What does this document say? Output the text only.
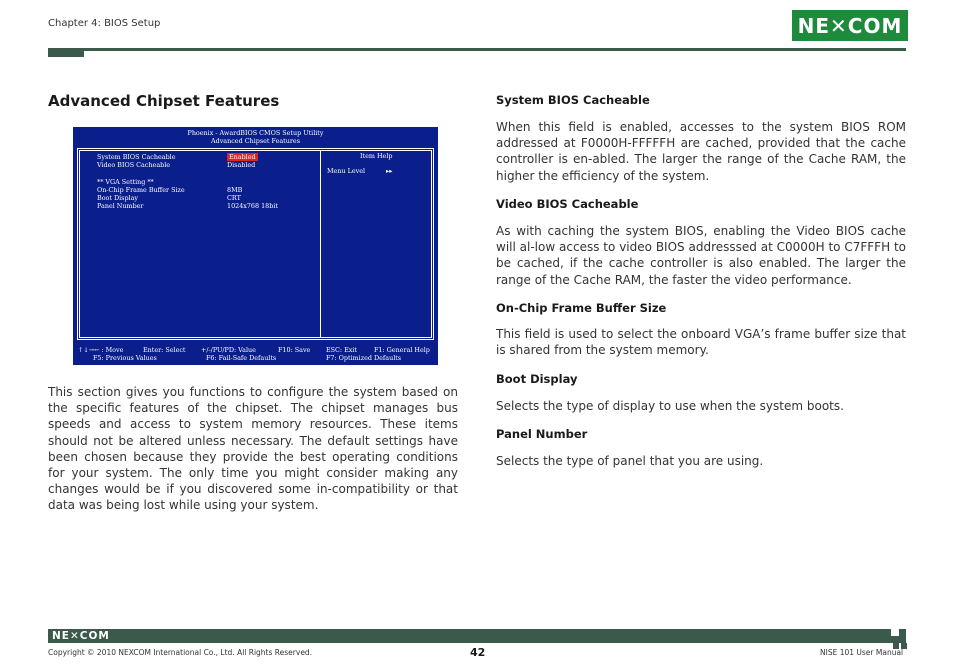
Chapter 4: BIOS Setup	NE✕COM
Advanced Chipset Features
Phoenix - AwardBIOS CMOS Setup Utility
Advanced Chipset Features
System BIOS Cacheable	Enabled
Video BIOS Cacheable	Disabled
** VGA Setting **
On-Chip Frame Buffer Size	8MB
Boot Display	CRT
Panel Number	1024x768 18bit
Item Help
Menu Level	▸▸
↑↓→← : Move	Enter: Select +/-/PU/PD: Value	F10: Save ESC: Exit	F1: General Help
F5: Previous Values	F6: Fail-Safe Defaults	F7: Optimized Defaults
This section gives you functions to configure the system based on the specific features of the chipset. The chipset manages bus speeds and access to system memory resources. These items should not be altered unless necessary. The default settings have been chosen because they provide the best operating conditions for your system. The only time you might consider making any changes would be if you discovered some in-compatibility or that data was being lost while using your system.
System BIOS Cacheable
When this field is enabled, accesses to the system BIOS ROM addressed at F0000H-FFFFFH are cached, provided that the cache controller is en-abled. The larger the range of the Cache RAM, the higher the efficiency of the system.
Video BIOS Cacheable
As with caching the system BIOS, enabling the Video BIOS cache will al-low access to video BIOS addresssed at C0000H to C7FFFH to be cached, if the cache controller is also enabled. The larger the range of the Cache RAM, the faster the video performance.
On-Chip Frame Buffer Size
This field is used to select the onboard VGA’s frame buffer size that is shared from the system memory.
Boot Display
Selects the type of display to use when the system boots.
Panel Number
Selects the type of panel that you are using.
NE✕COM
Copyright © 2010 NEXCOM International Co., Ltd. All Rights Reserved.	42	NISE 101 User Manual
